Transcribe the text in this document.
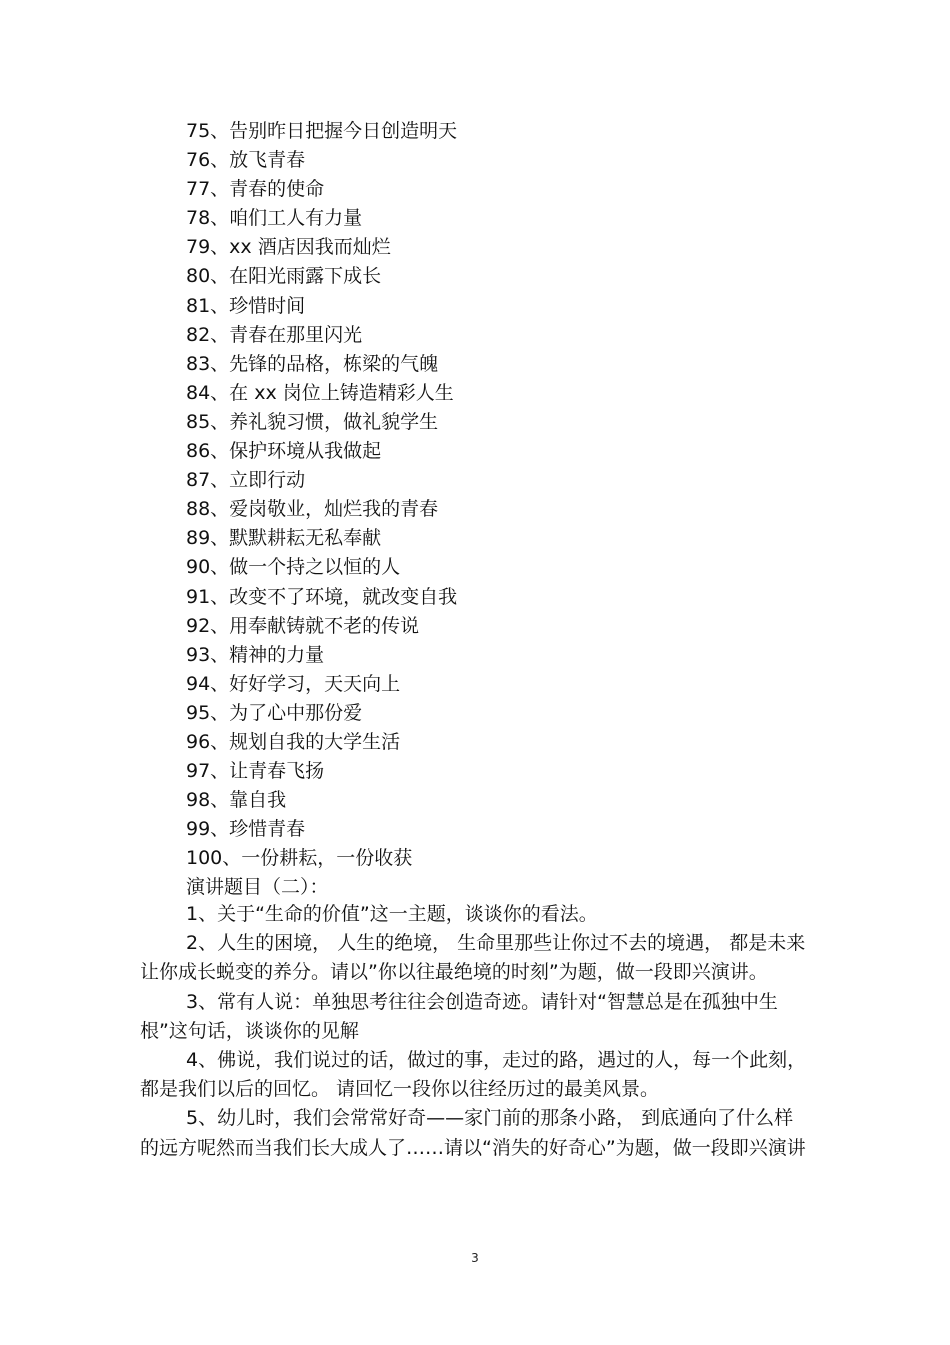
75、告别昨日把握今日创造明天
76、放飞青春
77、青春的使命
78、咱们工人有力量
79、xx 酒店因我而灿烂
80、在阳光雨露下成长
81、珍惜时间
82、青春在那里闪光
83、先锋的品格，栋梁的气魄
84、在 xx 岗位上铸造精彩人生
85、养礼貌习惯，做礼貌学生
86、保护环境从我做起
87、立即行动
88、爱岗敬业，灿烂我的青春
89、默默耕耘无私奉献
90、做一个持之以恒的人
91、改变不了环境，就改变自我
92、用奉献铸就不老的传说
93、精神的力量
94、好好学习，天天向上
95、为了心中那份爱
96、规划自我的大学生活
97、让青春飞扬
98、靠自我
99、珍惜青春
100、一份耕耘，一份收获
演讲题目（二）：

1、关于“生命的价值”这一主题，谈谈你的看法。

2、人生的困境， 人生的绝境， 生命里那些让你过不去的境遇， 都是未来让你成长蜕变的养分。请以”你以往最绝境的时刻”为题，做一段即兴演讲。

3、常有人说：单独思考往往会创造奇迹。请针对“智慧总是在孤独中生根”这句话，谈谈你的见解

4、佛说，我们说过的话，做过的事，走过的路，遇过的人，每一个此刻，都是我们以后的回忆。 请回忆一段你以往经历过的最美风景。

5、幼儿时，我们会常常好奇——家门前的那条小路， 到底通向了什么样的远方呢然而当我们长大成人了……请以“消失的好奇心”为题，做一段即兴演讲

3
